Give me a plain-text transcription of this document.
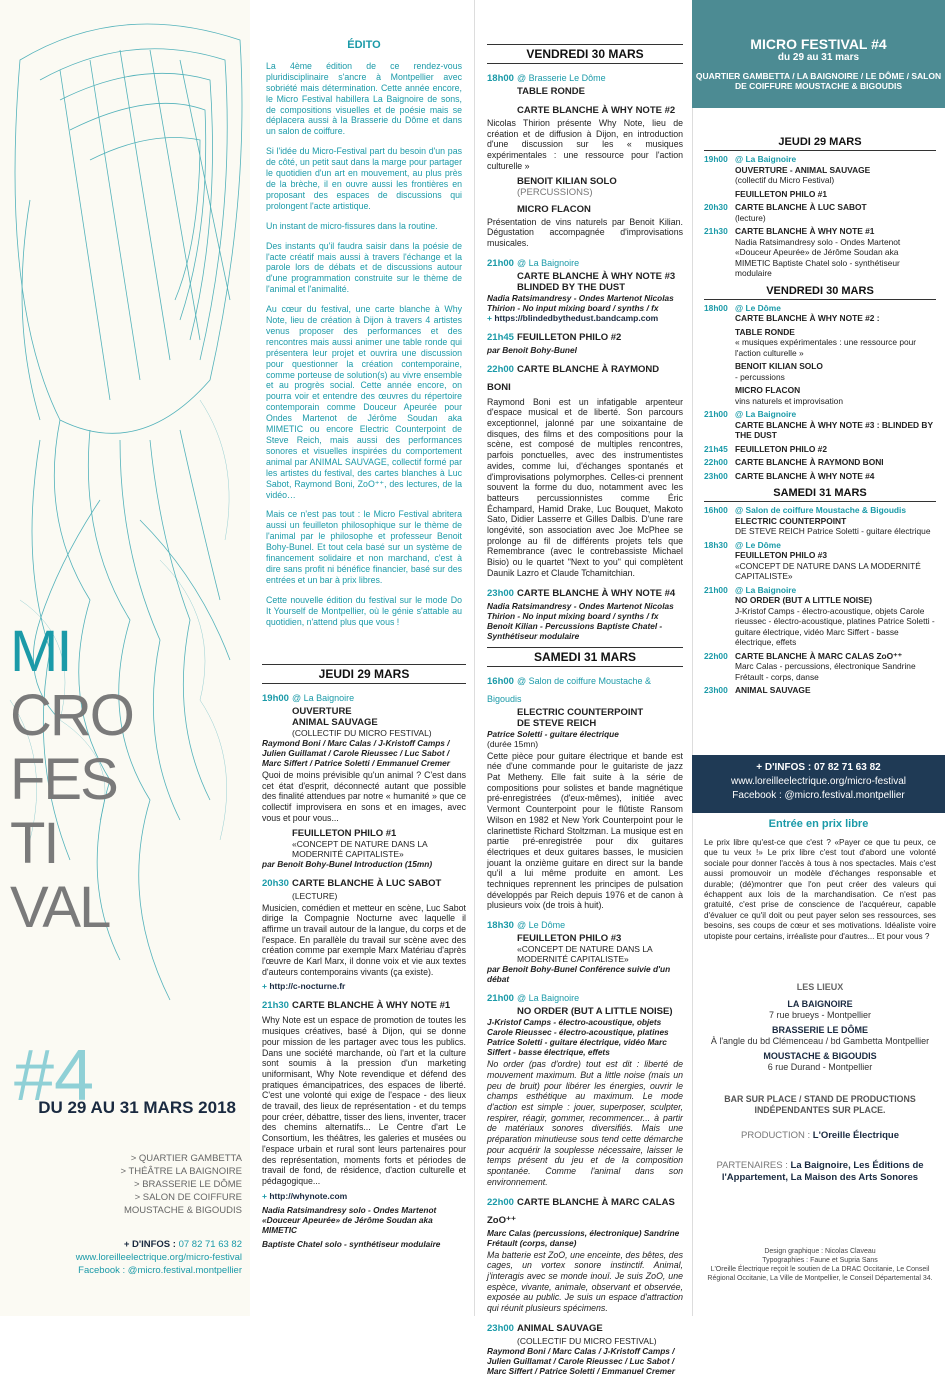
MI
CRO
FES
TI
VAL
#4
DU 29 AU 31 MARS 2018
> QUARTIER GAMBETTA
> THÉÂTRE LA BAIGNOIRE
> BRASSERIE LE DÔME
> SALON DE COIFFURE
MOUSTACHE & BIGOUDIS
+ D'INFOS : 07 82 71 63 82
www.loreilleelectrique.org/micro-festival
Facebook : @micro.festival.montpellier
ÉDITO

La 4ème édition de ce rendez-vous pluridisciplinaire s'ancre à Montpellier avec sobriété mais détermination. Cette année encore, le Micro Festival habillera La Baignoire de sons, de compositions visuelles et de poésie mais se déplacera aussi à la Brasserie du Dôme et dans un salon de coiffure.

Si l'idée du Micro-Festival part du besoin d'un pas de côté, un petit saut dans la marge pour partager le quotidien d'un art en mouvement, au plus près de la brèche, il en ouvre aussi les frontières en proposant des espaces de discussions qui prolongent l'acte artistique.

Un instant de micro-fissures dans la routine.

Des instants qu'il faudra saisir dans la poésie de l'acte créatif mais aussi à travers l'échange et la parole lors de débats et de discussions autour d'une programmation construite sur le thème de l'animal et l'animalité.

Au cœur du festival, une carte blanche à Why Note, lieu de création à Dijon à travers 4 artistes venus proposer des performances et des rencontres mais aussi animer une table ronde qui présentera leur projet et ouvrira une discussion pour questionner la création contemporaine, comme porteuse de solution(s) au vivre ensemble et au progrès social. Cette année encore, on pourra voir et entendre des œuvres du répertoire contemporain comme Douceur Apeurée pour Ondes Martenot de Jérôme Soudan aka MIMETIC ou encore Electric Counterpoint de Steve Reich, mais aussi des performances sonores et visuelles inspirées du comportement animal par ANIMAL SAUVAGE, collectif formé par les artistes du festival, des cartes blanches à Luc Sabot, Raymond Boni, ZoO⁺⁺, des lectures, de la vidéo…

Mais ce n'est pas tout : le Micro Festival abritera aussi un feuilleton philosophique sur le thème de l'animal par le philosophe et professeur Benoit Bohy-Bunel. Et tout cela basé sur un système de financement solidaire et non marchand, c'est à dire sans profit ni bénéfice financier, basé sur des entrées et un bar à prix libres.

Cette nouvelle édition du festival sur le mode Do It Yourself de Montpellier, où le génie s'attable au quotidien, n'attend plus que vous !

JEUDI 29 MARS
19h00 @ La Baignoire
OUVERTURE
ANIMAL SAUVAGE
(COLLECTIF DU MICRO FESTIVAL)
Raymond Boni / Marc Calas / J-Kristoff Camps / Julien Guillamat / Carole Rieussec / Luc Sabot / Marc Siffert / Patrice Soletti / Emmanuel Cremer
Quoi de moins prévisible qu'un animal ? C'est dans cet état d'esprit, déconnecté autant que possible des finalité attendues par notre « humanité » que ce collectif improvisera en sons et en images, avec vous et pour vous...
FEUILLETON PHILO #1
«CONCEPT DE NATURE DANS LA MODERNITÉ CAPITALISTE»
par Benoit Bohy-Bunel Introduction (15mn)
20h30 CARTE BLANCHE À LUC SABOT
(LECTURE)
Musicien, comédien et metteur en scène, Luc Sabot dirige la Compagnie Nocturne avec laquelle il affirme un travail autour de la langue, du corps et de l'espace. En parallèle du travail sur scène avec des création comme par exemple Marx Matériau d'après l'œuvre de Karl Marx, il donne voix et vie aux textes d'auteurs contemporains vivants (ça existe).
+ http://c-nocturne.fr
21h30 CARTE BLANCHE À WHY NOTE #1
Why Note est un espace de promotion de toutes les musiques créatives, basé à Dijon, qui se donne pour mission de les partager avec tous les publics. Dans une société marchande, où l'art et la culture sont soumis à la pression d'un marketing uniformisant, Why Note revendique et défend des pratiques émancipatrices, des espaces de liberté. C'est une volonté qui exige de l'espace - des lieux de travail, des lieux de représentation - et du temps pour créer, débattre, tisser des liens, inventer, tracer des chemins alternatifs... Le Centre d'art Le Consortium, les théâtres, les galeries et musées ou l'espace urbain et rural sont leurs partenaires pour des représentation, moments forts et périodes de travail de fond, de résidence, d'action culturelle et pédagogique...
+ http://whynote.com
Nadia Ratsimandresy solo - Ondes Martenot «Douceur Apeurée» de Jérôme Soudan aka MIMETIC
Baptiste Chatel solo - synthétiseur modulaire
VENDREDI 30 MARS
18h00 @ Brasserie Le Dôme
TABLE RONDE
CARTE BLANCHE À WHY NOTE #2
Nicolas Thirion présente Why Note, lieu de création et de diffusion à Dijon, en introduction d'une discussion sur les « musiques expérimentales : une ressource pour l'action culturelle »
BENOIT KILIAN SOLO (PERCUSSIONS)
MICRO FLACON
Présentation de vins naturels par Benoit Kilian. Dégustation accompagnée d'improvisations musicales.
21h00 @ La Baignoire
CARTE BLANCHE À WHY NOTE #3
BLINDED BY THE DUST
Nadia Ratsimandresy - Ondes Martenot Nicolas Thirion - No input mixing board / synths / fx
+ https://blindedbythedust.bandcamp.com
21h45 FEUILLETON PHILO #2
par Benoit Bohy-Bunel
22h00 CARTE BLANCHE À RAYMOND BONI
Raymond Boni est un infatigable arpenteur d'espace musical et de liberté. Son parcours exceptionnel, jalonné par une soixantaine de disques, des films et des compositions pour la scène, est composé de multiples rencontres, parfois ponctuelles, avec des instrumentistes avides, comme lui, d'échanges spontanés et d'improvisations polymorphes. Celles-ci prennent souvent la forme du duo, notamment avec les batteurs percussionnistes comme Éric Échampard, Hamid Drake, Luc Bouquet, Makoto Sato, Didier Lasserre et Gilles Dalbis. D'une rare longévité, son association avec Joe McPhee se prolonge au fil de différents projets tels que Remembrance (avec le contrebassiste Michael Bisio) ou le quartet "Next to you" qui complètent Daunik Lazro et Claude Tchamitchian.
23h00 CARTE BLANCHE À WHY NOTE #4
Nadia Ratsimandresy - Ondes Martenot Nicolas Thirion - No input mixing board / synths / fx Benoit Kilian - Percussions Baptiste Chatel - Synthétiseur modulaire
SAMEDI 31 MARS
16h00 @ Salon de coiffure Moustache & Bigoudis
ELECTRIC COUNTERPOINT
DE STEVE REICH
Patrice Soletti - guitare électrique
(durée 15mn)
Cette pièce pour guitare électrique et bande est née d'une commande pour le guitariste de jazz Pat Metheny. Elle fait suite à la série de compositions pour solistes et bande magnétique pré-enregistrées (d'eux-mêmes), initiée avec Vermont Counterpoint pour le flûtiste Ransom Wilson en 1982 et New York Counterpoint pour le clarinettiste Richard Stoltzman. La musique est en partie pré-enregistrée pour dix guitares électriques et deux guitares basses, le musicien jouant la onzième guitare en direct sur la bande qu'il a lui même produite en amont. Les techniques reprennent les principes de pulsation développés par Reich depuis 1976 et de canon à plusieurs voix (de trois à huit).
18h30 @ Le Dôme
FEUILLETON PHILO #3
«CONCEPT DE NATURE DANS LA MODERNITÉ CAPITALISTE»
par Benoit Bohy-Bunel Conférence suivie d'un débat
21h00 @ La Baignoire
NO ORDER (BUT A LITTLE NOISE)
J-Kristof Camps - électro-acoustique, objets Carole Rieussec - électro-acoustique, platines Patrice Soletti - guitare électrique, vidéo Marc Siffert - basse électrique, effets
No order (pas d'ordre) tout est dit : liberté de mouvement maximum. But a little noise (mais un peu de bruit) pour libérer les énergies, ouvrir le champs esthétique au maximum. Le mode d'action est simple : jouer, superposer, sculpter, respirer, réagir, gommer, recommencer... à partir de matériaux sonores diversifiés. Mais une préparation minutieuse sous tend cette démarche pour acquérir la souplesse nécessaire, laisser le temps présent du jeu et de la composition spontanée. Comme l'animal dans son environnement.
22h00 CARTE BLANCHE À MARC CALAS ZoO⁺⁺
Marc Calas (percussions, électronique) Sandrine Frétault (corps, danse)
Ma batterie est ZoO, une enceinte, des bêtes, des cages, un vortex sonore instinctif. Animal, j'interagis avec se monde inouï. Je suis ZoO, une espèce, vivante, animale, observant et observée, exposée au public. Je suis un espace d'attraction qui réunit plusieurs spécimens.
23h00 ANIMAL SAUVAGE
(COLLECTIF DU MICRO FESTIVAL)
Raymond Boni / Marc Calas / J-Kristoff Camps / Julien Guillamat / Carole Rieussec / Luc Sabot / Marc Siffert / Patrice Soletti / Emmanuel Cremer
MICRO FESTIVAL #4
du 29 au 31 mars
QUARTIER GAMBETTA / LA BAIGNOIRE / LE DÔME / SALON DE COIFFURE MOUSTACHE & BIGOUDIS
JEUDI 29 MARS
19h00 @ La Baignoire
OUVERTURE - ANIMAL SAUVAGE
(collectif du Micro Festival)
FEUILLETON PHILO #1
20h30 CARTE BLANCHE À LUC SABOT
(lecture)
21h30 CARTE BLANCHE À WHY NOTE #1
Nadia Ratsimandresy solo - Ondes Martenot «Douceur Apeurée» de Jérôme Soudan aka MIMETIC Baptiste Chatel solo - synthétiseur modulaire
VENDREDI 30 MARS
18h00 @ Le Dôme
CARTE BLANCHE À WHY NOTE #2 :
TABLE RONDE
« musiques expérimentales : une ressource pour l'action culturelle »
BENOIT KILIAN SOLO
- percussions
MICRO FLACON
vins naturels et improvisation
21h00 @ La Baignoire
CARTE BLANCHE À WHY NOTE #3 : BLINDED BY THE DUST
21h45 FEUILLETON PHILO #2
22h00 CARTE BLANCHE À RAYMOND BONI
23h00 CARTE BLANCHE À WHY NOTE #4
SAMEDI 31 MARS
16h00 @ Salon de coiffure Moustache & Bigoudis
ELECTRIC COUNTERPOINT
DE STEVE REICH Patrice Soletti - guitare électrique
18h30 @ Le Dôme
FEUILLETON PHILO #3
«CONCEPT DE NATURE DANS LA MODERNITÉ CAPITALISTE»
21h00 @ La Baignoire
NO ORDER (BUT A LITTLE NOISE)
J-Kristof Camps - électro-acoustique, objets Carole rieussec - électro-acoustique, platines Patrice Soletti - guitare électrique, vidéo Marc Siffert - basse électrique, effets
22h00 CARTE BLANCHE À MARC CALAS ZoO⁺⁺
Marc Calas - percussions, électronique Sandrine Frétault - corps, danse
23h00 ANIMAL SAUVAGE
+ D'INFOS : 07 82 71 63 82
www.loreilleelectrique.org/micro-festival
Facebook : @micro.festival.montpellier
Entrée en prix libre
Le prix libre qu'est-ce que c'est ? «Payer ce que tu peux, ce que tu veux !» Le prix libre c'est tout d'abord une volonté sociale pour donner l'accès à tous à nos spectacles. Mais c'est aussi promouvoir un modèle d'échanges responsable et durable; (dé)montrer que l'on peut créer des valeurs qui échappent aux lois de la marchandisation. Ce n'est pas gratuité, c'est prise de conscience de l'acquéreur, capable d'évaluer ce qu'il doit ou peut payer selon ses ressources, ses besoins, ses coups de cœur et ses motivations. Idéaliste voire utopiste pour certains, irréaliste pour d'autres... Et pour vous ?
LES LIEUX
LA BAIGNOIRE
7 rue brueys - Montpellier
BRASSERIE LE DÔME
À l'angle du bd Clémenceau / bd Gambetta Montpellier
MOUSTACHE & BIGOUDIS
6 rue Durand - Montpellier
BAR SUR PLACE / STAND DE PRODUCTIONS INDÉPENDANTES SUR PLACE.
PRODUCTION : L'Oreille Électrique
PARTENAIRES : La Baignoire, Les Éditions de l'Appartement, La Maison des Arts Sonores
Design graphique : Nicolas Claveau
Typographies : Faune et Supria Sans
L'Oreille Électrique reçoit le soutien de La DRAC Occitanie, Le Conseil Régional Occitanie, La Ville de Montpellier, le Conseil Départemental 34.
